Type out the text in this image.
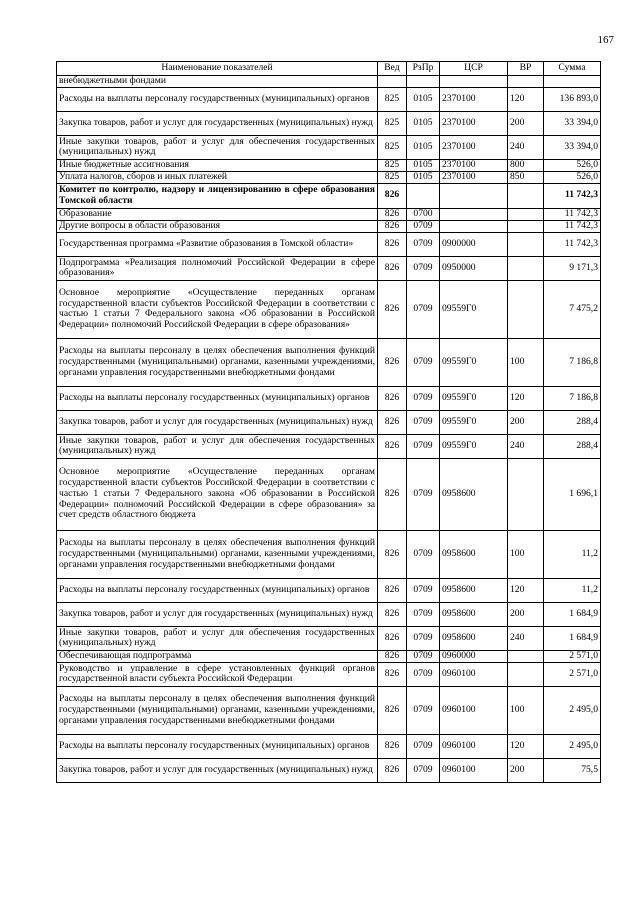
167
Наименование показателей	Вед	РзПр	ЦСР	ВР	Сумма
внебюджетными фондами					
Расходы на выплаты персоналу государственных (муниципальных) органов	825	0105	2370100	120	136 893,0
Закупка товаров, работ и услуг для государственных (муниципальных) нужд	825	0105	2370100	200	33 394,0
Иные закупки товаров, работ и услуг для обеспечения государственных (муниципальных) нужд	825	0105	2370100	240	33 394,0
Иные бюджетные ассигнования	825	0105	2370100	800	526,0
Уплата налогов, сборов и иных платежей	825	0105	2370100	850	526,0
Комитет по контролю, надзору и лицензированию в сфере образования Томской области	826				11 742,3
Образование	826	0700			11 742,3
Другие вопросы в области образования	826	0709			11 742,3
Государственная программа «Развитие образования в Томской области»	826	0709	0900000		11 742,3
Подпрограмма «Реализация полномочий Российской Федерации в сфере образования»	826	0709	0950000		9 171,3
Основное мероприятие «Осуществление переданных органам государственной власти субъектов Российской Федерации в соответствии с частью 1 статьи 7 Федерального закона «Об образовании в Российской Федерации» полномочий Российской Федерации в сфере образования»	826	0709	09559Г0		7 475,2
Расходы на выплаты персоналу в целях обеспечения выполнения функций государственными (муниципальными) органами, казенными учреждениями, органами управления государственными внебюджетными фондами	826	0709	09559Г0	100	7 186,8
Расходы на выплаты персоналу государственных (муниципальных) органов	826	0709	09559Г0	120	7 186,8
Закупка товаров, работ и услуг для государственных (муниципальных) нужд	826	0709	09559Г0	200	288,4
Иные закупки товаров, работ и услуг для обеспечения государственных (муниципальных) нужд	826	0709	09559Г0	240	288,4
Основное мероприятие «Осуществление переданных органам государственной власти субъектов Российской Федерации в соответствии с частью 1 статьи 7 Федерального закона «Об образовании в Российской Федерации» полномочий Российской Федерации в сфере образования» за счет средств областного бюджета	826	0709	0958600		1 696,1
Расходы на выплаты персоналу в целях обеспечения выполнения функций государственными (муниципальными) органами, казенными учреждениями, органами управления государственными внебюджетными фондами	826	0709	0958600	100	11,2
Расходы на выплаты персоналу государственных (муниципальных) органов	826	0709	0958600	120	11,2
Закупка товаров, работ и услуг для государственных (муниципальных) нужд	826	0709	0958600	200	1 684,9
Иные закупки товаров, работ и услуг для обеспечения государственных (муниципальных) нужд	826	0709	0958600	240	1 684,9
Обеспечивающая подпрограмма	826	0709	0960000		2 571,0
Руководство и управление в сфере установленных функций органов государственной власти субъекта Российской Федерации	826	0709	0960100		2 571,0
Расходы на выплаты персоналу в целях обеспечения выполнения функций государственными (муниципальными) органами, казенными учреждениями, органами управления государственными внебюджетными фондами	826	0709	0960100	100	2 495,0
Расходы на выплаты персоналу государственных (муниципальных) органов	826	0709	0960100	120	2 495,0
Закупка товаров, работ и услуг для государственных (муниципальных) нужд	826	0709	0960100	200	75,5
